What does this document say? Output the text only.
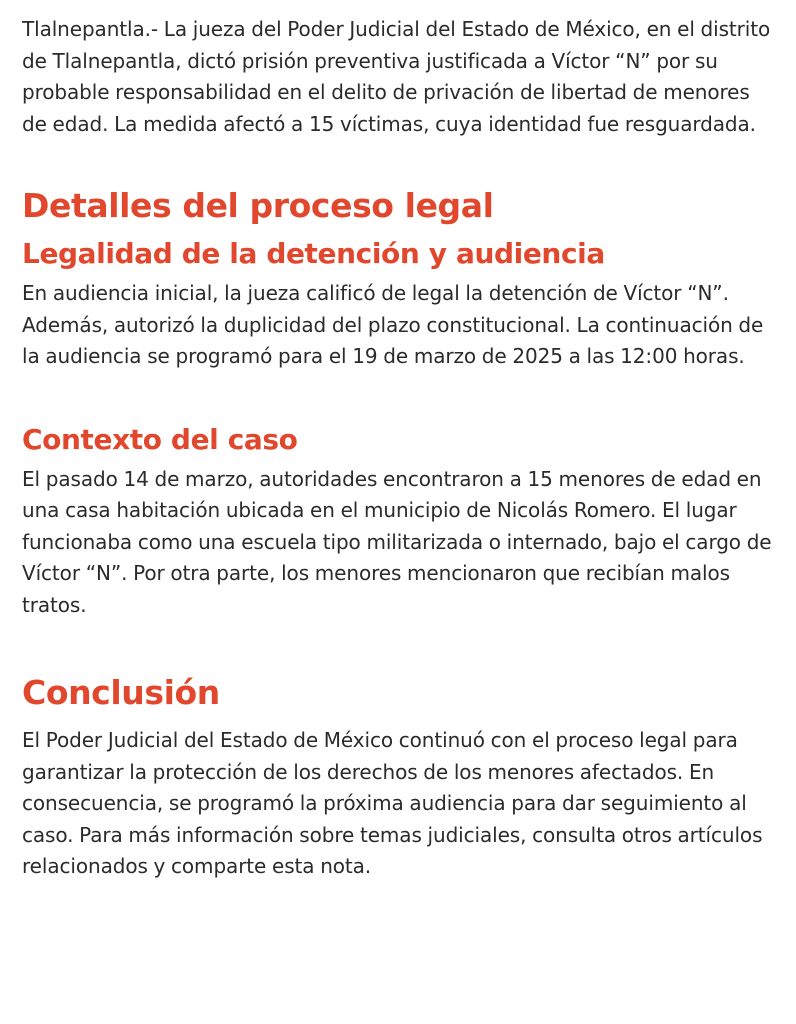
Tlalnepantla.- La jueza del Poder Judicial del Estado de México, en el distrito de Tlalnepantla, dictó prisión preventiva justificada a Víctor “N” por su probable responsabilidad en el delito de privación de libertad de menores de edad. La medida afectó a 15 víctimas, cuya identidad fue resguardada.

Detalles del proceso legal
Legalidad de la detención y audiencia

En audiencia inicial, la jueza calificó de legal la detención de Víctor “N”. Además, autorizó la duplicidad del plazo constitucional. La continuación de la audiencia se programó para el 19 de marzo de 2025 a las 12:00 horas.

Contexto del caso

El pasado 14 de marzo, autoridades encontraron a 15 menores de edad en una casa habitación ubicada en el municipio de Nicolás Romero. El lugar funcionaba como una escuela tipo militarizada o internado, bajo el cargo de Víctor “N”. Por otra parte, los menores mencionaron que recibían malos tratos.

Conclusión

El Poder Judicial del Estado de México continuó con el proceso legal para garantizar la protección de los derechos de los menores afectados. En consecuencia, se programó la próxima audiencia para dar seguimiento al caso. Para más información sobre temas judiciales, consulta otros artículos relacionados y comparte esta nota.
